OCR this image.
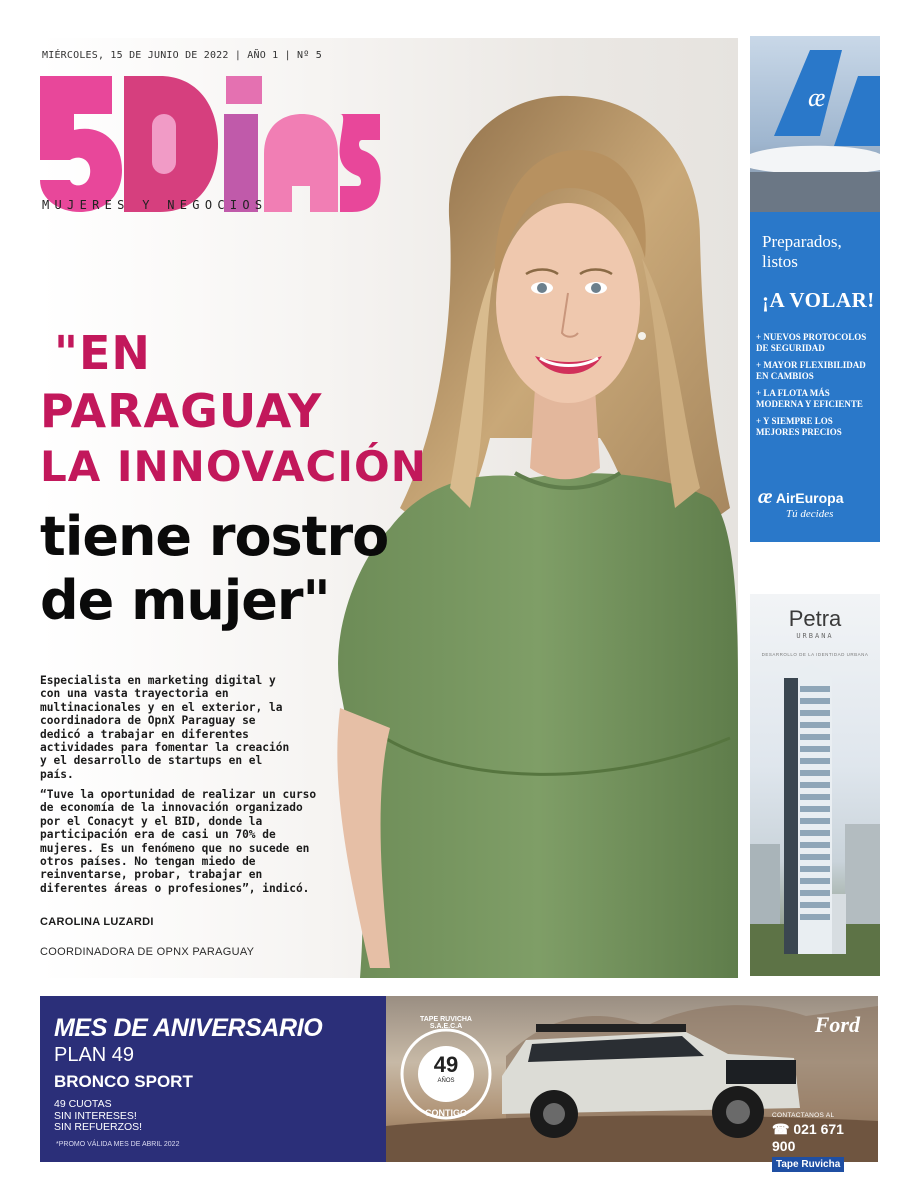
MIÉRCOLES, 15 DE JUNIO DE 2022 | AÑO 1 | Nº 5
MUJERES Y NEGOCIOS
"EN
PARAGUAY
LA INNOVACIÓN
tiene rostro
de mujer"

Especialista en marketing digital y con una vasta trayectoria en multinacionales y en el exterior, la coordinadora de OpnX Paraguay se dedicó a trabajar en diferentes actividades para fomentar la creación y el desarrollo de startups en el país.

“Tuve la oportunidad de realizar un curso de economía de la innovación organizado por el Conacyt y el BID, donde la participación era de casi un 70% de mujeres. Es un fenómeno que no sucede en otros países. No tengan miedo de reinventarse, probar, trabajar en diferentes áreas o profesiones”, indicó.

CAROLINA LUZARDI
COORDINADORA DE OPNX PARAGUAY
æ
Preparados, listos
¡A VOLAR!
+ NUEVOS PROTOCOLOS DE SEGURIDAD
+ MAYOR FLEXIBILIDAD EN CAMBIOS
+ LA FLOTA MÁS MODERNA Y EFICIENTE
+ Y SIEMPRE LOS MEJORES PRECIOS
æ AirEuropa
Tú decides
Petra
URBANA
DESARROLLO DE LA IDENTIDAD URBANA
MES DE ANIVERSARIO
PLAN 49
BRONCO SPORT
49 CUOTAS
SIN INTERESES!
SIN REFUERZOS!
*PROMO VÁLIDA MES DE ABRIL 2022
TAPE RUVICHA S.A.E.C.A
49
AÑOS
CONTIGO
Ford
CONTACTANOS AL
☎ 021 671 900
Tape Ruvicha
